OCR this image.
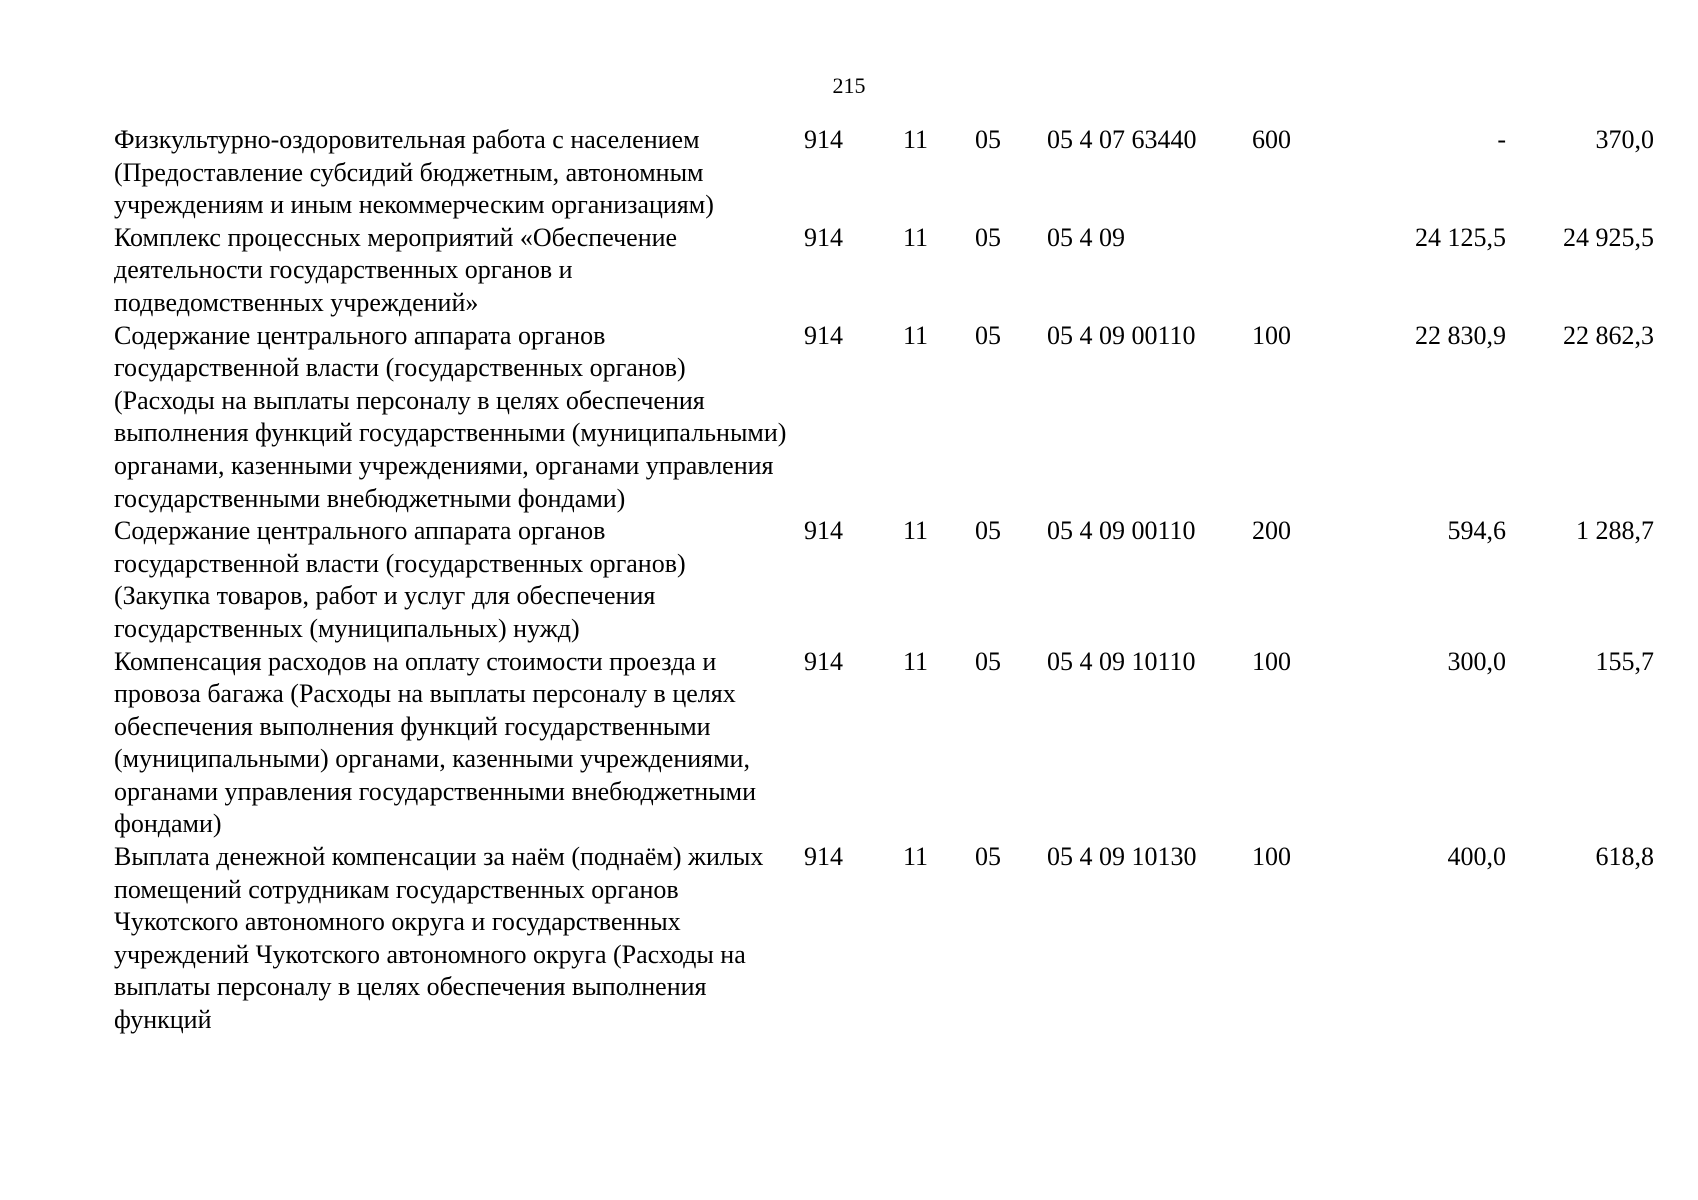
215
Физкультурно-оздоровительная работа с населением (Предоставление субсидий бюджетным, автономным учреждениям и иным некоммерческим организациям)	914	11	05	05 4 07 63440	600	-	370,0
Комплекс процессных мероприятий «Обеспечение деятельности государственных органов и подведомственных учреждений»	914	11	05	05 4 09		24 125,5	24 925,5
Содержание центрального аппарата органов государственной власти (государственных органов) (Расходы на выплаты персоналу в целях обеспечения выполнения функций государственными (муниципальными) органами, казенными учреждениями, органами управления государственными внебюджетными фондами)	914	11	05	05 4 09 00110	100	22 830,9	22 862,3
Содержание центрального аппарата органов государственной власти (государственных органов) (Закупка товаров, работ и услуг для обеспечения государственных (муниципальных) нужд)	914	11	05	05 4 09 00110	200	594,6	1 288,7
Компенсация расходов на оплату стоимости проезда и провоза багажа (Расходы на выплаты персоналу в целях обеспечения выполнения функций государственными (муниципальными) органами, казенными учреждениями, органами управления государственными внебюджетными фондами)	914	11	05	05 4 09 10110	100	300,0	155,7
Выплата денежной компенсации за наём (поднаём) жилых помещений сотрудникам государственных органов Чукотского автономного округа и государственных учреждений Чукотского автономного округа (Расходы на выплаты персоналу в целях обеспечения выполнения функций	914	11	05	05 4 09 10130	100	400,0	618,8
